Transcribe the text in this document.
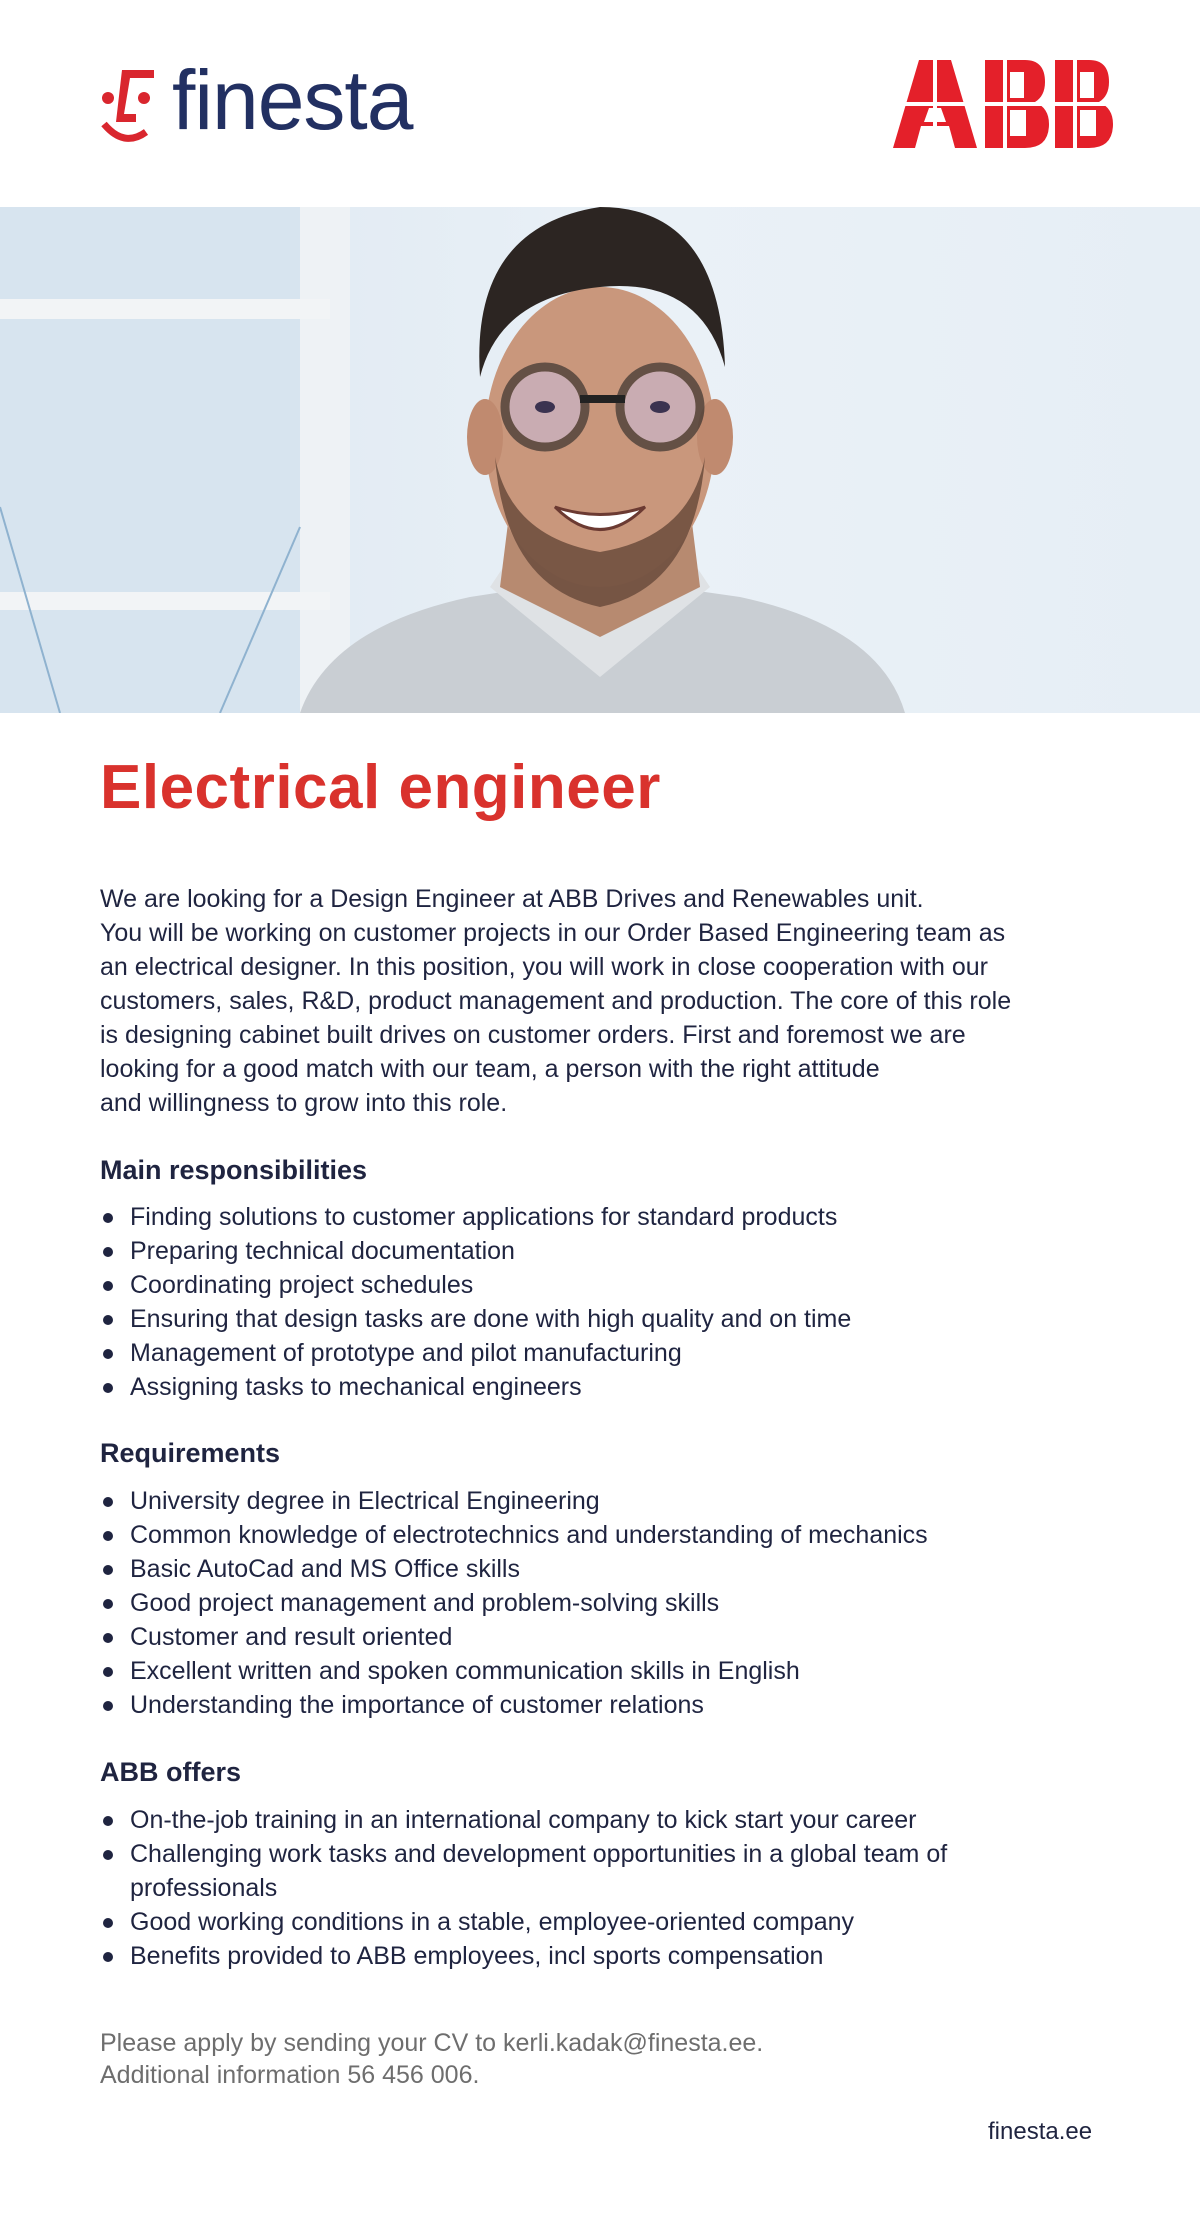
finesta
Electrical engineer
We are looking for a Design Engineer at ABB Drives and Renewables unit.
You will be working on customer projects in our Order Based Engineering team as
an electrical designer. In this position, you will work in close cooperation with our
customers, sales, R&D, product management and production. The core of this role
is designing cabinet built drives on customer orders. First and foremost we are
looking for a good match with our team, a person with the right attitude
and willingness to grow into this role.
Main responsibilities
Finding solutions to customer applications for standard products
Preparing technical documentation
Coordinating project schedules
Ensuring that design tasks are done with high quality and on time
Management of prototype and pilot manufacturing
Assigning tasks to mechanical engineers
Requirements
University degree in Electrical Engineering
Common knowledge of electrotechnics and understanding of mechanics
Basic AutoCad and MS Office skills
Good project management and problem-solving skills
Customer and result oriented
Excellent written and spoken communication skills in English
Understanding the importance of customer relations
ABB offers
On-the-job training in an international company to kick start your career
Challenging work tasks and development opportunities in a global team of professionals
Good working conditions in a stable, employee-oriented company
Benefits provided to ABB employees, incl sports compensation
Please apply by sending your CV to kerli.kadak@finesta.ee.
Additional information 56 456 006.
finesta.ee
